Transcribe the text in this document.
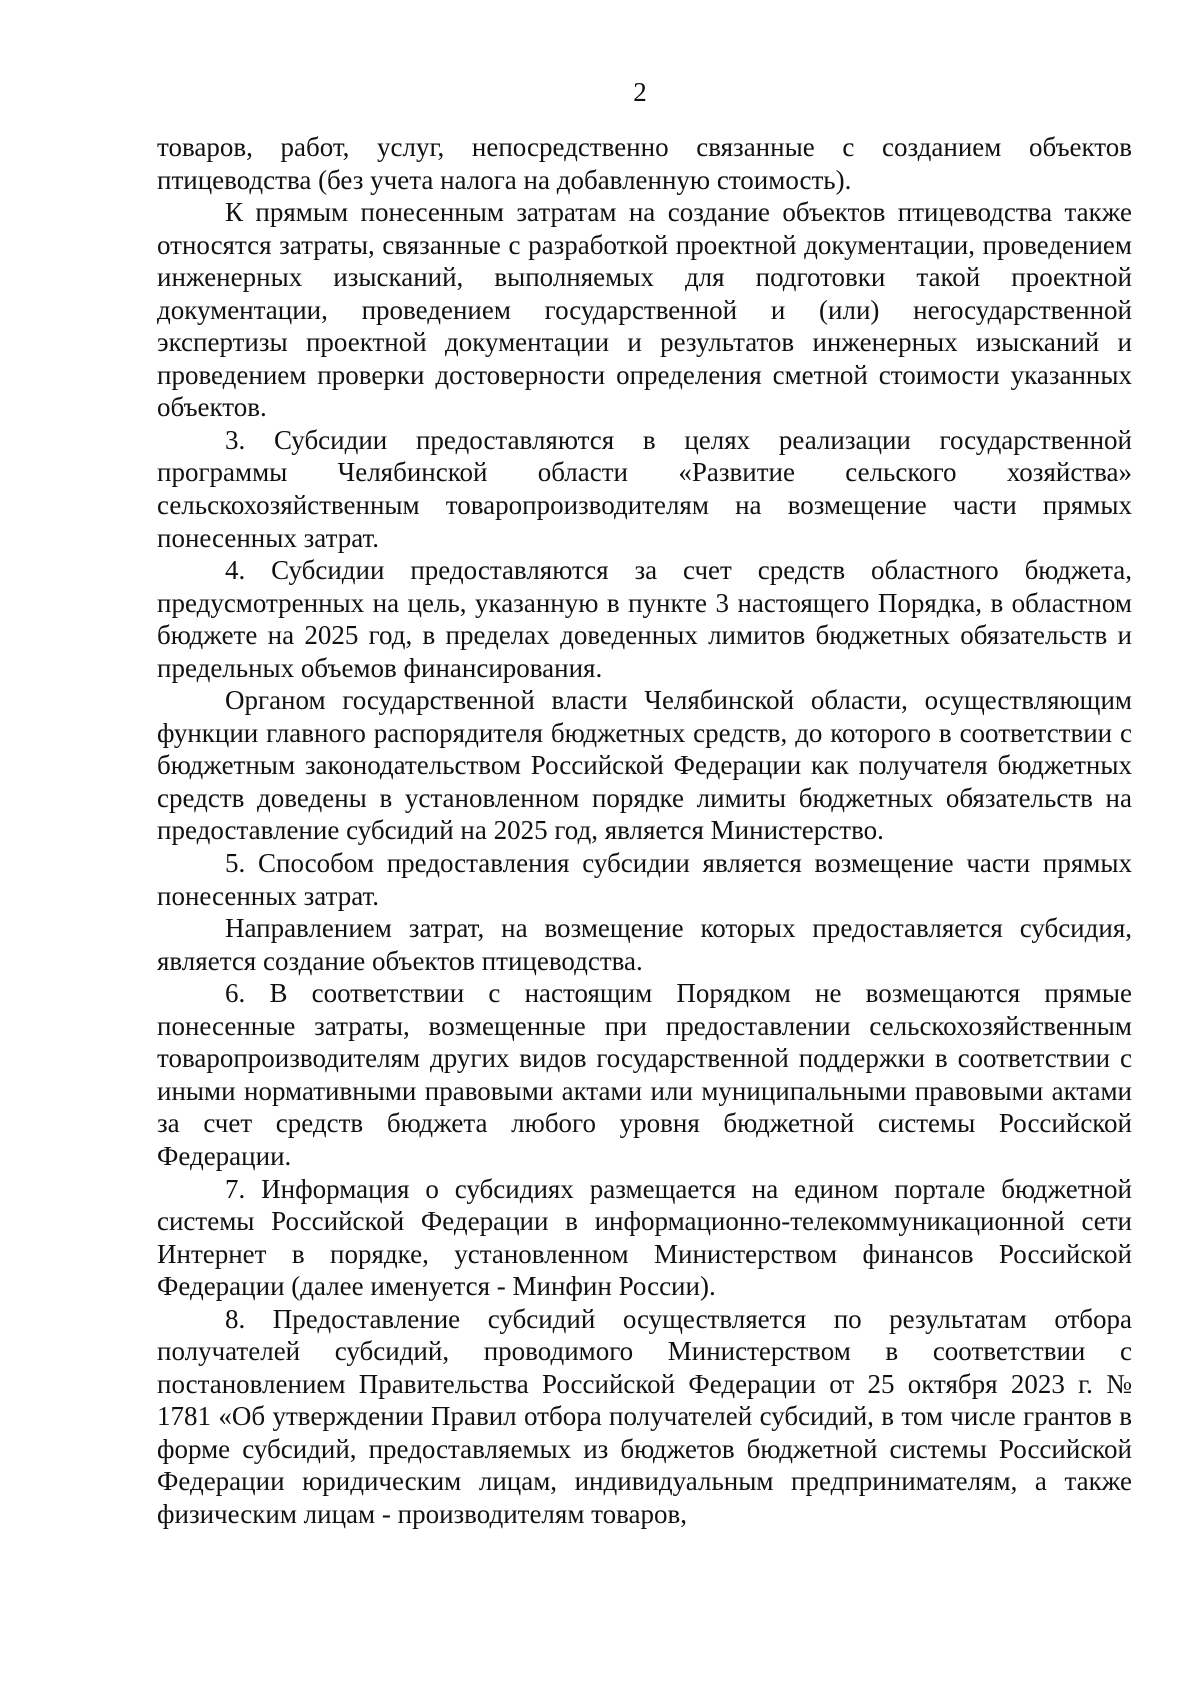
2

товаров, работ, услуг, непосредственно связанные с созданием объектов птицеводства (без учета налога на добавленную стоимость).

К прямым понесенным затратам на создание объектов птицеводства также относятся затраты, связанные с разработкой проектной документации, проведением инженерных изысканий, выполняемых для подготовки такой проектной документации, проведением государственной и (или) негосударственной экспертизы проектной документации и результатов инженерных изысканий и проведением проверки достоверности определения сметной стоимости указанных объектов.

3. Субсидии предоставляются в целях реализации государственной программы Челябинской области «Развитие сельского хозяйства» сельскохозяйственным товаропроизводителям на возмещение части прямых понесенных затрат.

4. Субсидии предоставляются за счет средств областного бюджета, предусмотренных на цель, указанную в пункте 3 настоящего Порядка, в областном бюджете на 2025 год, в пределах доведенных лимитов бюджетных обязательств и предельных объемов финансирования.

Органом государственной власти Челябинской области, осуществляющим функции главного распорядителя бюджетных средств, до которого в соответствии с бюджетным законодательством Российской Федерации как получателя бюджетных средств доведены в установленном порядке лимиты бюджетных обязательств на предоставление субсидий на 2025 год, является Министерство.

5. Способом предоставления субсидии является возмещение части прямых понесенных затрат.

Направлением затрат, на возмещение которых предоставляется субсидия, является создание объектов птицеводства.

6. В соответствии с настоящим Порядком не возмещаются прямые понесенные затраты, возмещенные при предоставлении сельскохозяйственным товаропроизводителям других видов государственной поддержки в соответствии с иными нормативными правовыми актами или муниципальными правовыми актами за счет средств бюджета любого уровня бюджетной системы Российской Федерации.

7. Информация о субсидиях размещается на едином портале бюджетной системы Российской Федерации в информационно-телекоммуникационной сети Интернет в порядке, установленном Министерством финансов Российской Федерации (далее именуется - Минфин России).

8. Предоставление субсидий осуществляется по результатам отбора получателей субсидий, проводимого Министерством в соответствии с постановлением Правительства Российской Федерации от 25 октября 2023 г. № 1781 «Об утверждении Правил отбора получателей субсидий, в том числе грантов в форме субсидий, предоставляемых из бюджетов бюджетной системы Российской Федерации юридическим лицам, индивидуальным предпринимателям, а также физическим лицам - производителям товаров,
